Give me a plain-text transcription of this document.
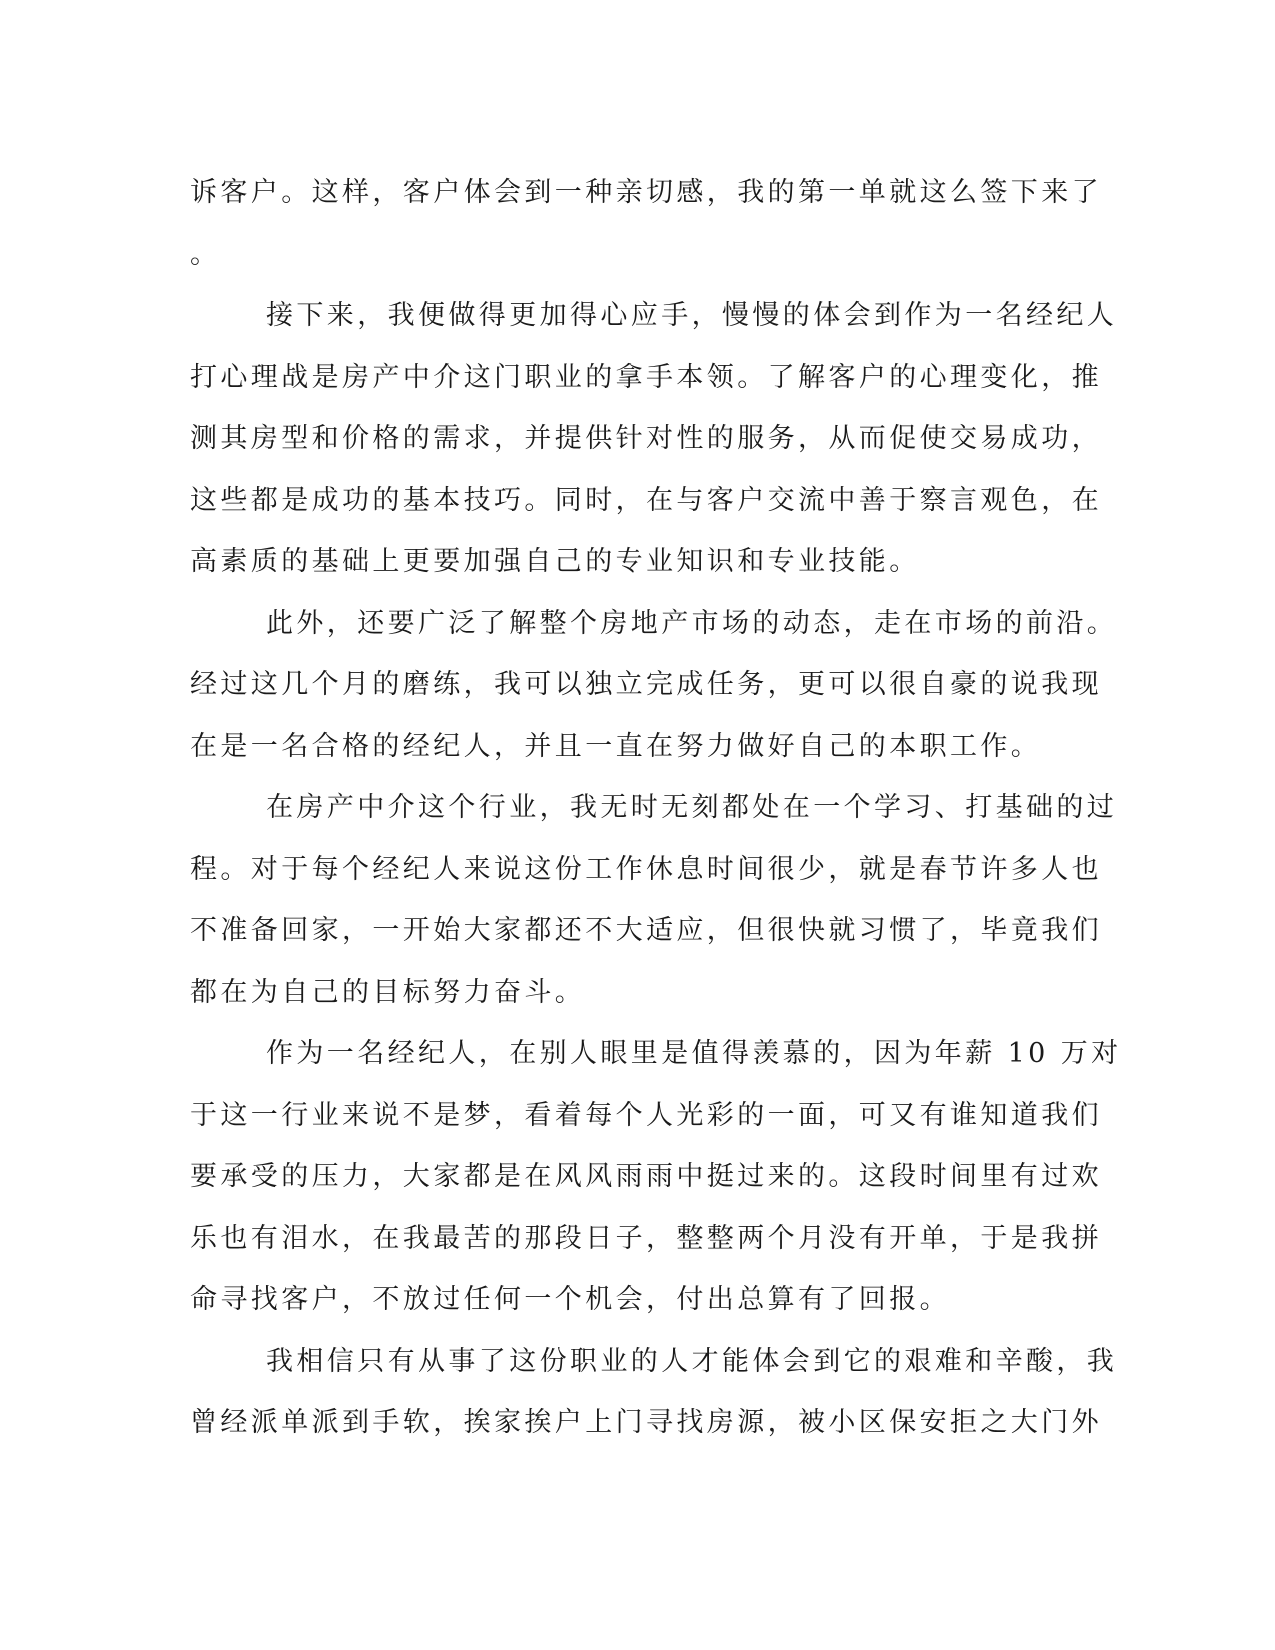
诉客户。这样，客户体会到一种亲切感，我的第一单就这么签下来了
。
接下来，我便做得更加得心应手，慢慢的体会到作为一名经纪人
打心理战是房产中介这门职业的拿手本领。了解客户的心理变化，推
测其房型和价格的需求，并提供针对性的服务，从而促使交易成功，
这些都是成功的基本技巧。同时，在与客户交流中善于察言观色，在
高素质的基础上更要加强自己的专业知识和专业技能。
此外，还要广泛了解整个房地产市场的动态，走在市场的前沿。
经过这几个月的磨练，我可以独立完成任务，更可以很自豪的说我现
在是一名合格的经纪人，并且一直在努力做好自己的本职工作。
在房产中介这个行业，我无时无刻都处在一个学习、打基础的过
程。对于每个经纪人来说这份工作休息时间很少，就是春节许多人也
不准备回家，一开始大家都还不大适应，但很快就习惯了，毕竟我们
都在为自己的目标努力奋斗。
作为一名经纪人，在别人眼里是值得羡慕的，因为年薪 10 万对
于这一行业来说不是梦，看着每个人光彩的一面，可又有谁知道我们
要承受的压力，大家都是在风风雨雨中挺过来的。这段时间里有过欢
乐也有泪水，在我最苦的那段日子，整整两个月没有开单，于是我拼
命寻找客户，不放过任何一个机会，付出总算有了回报。
我相信只有从事了这份职业的人才能体会到它的艰难和辛酸，我
曾经派单派到手软，挨家挨户上门寻找房源，被小区保安拒之大门外
